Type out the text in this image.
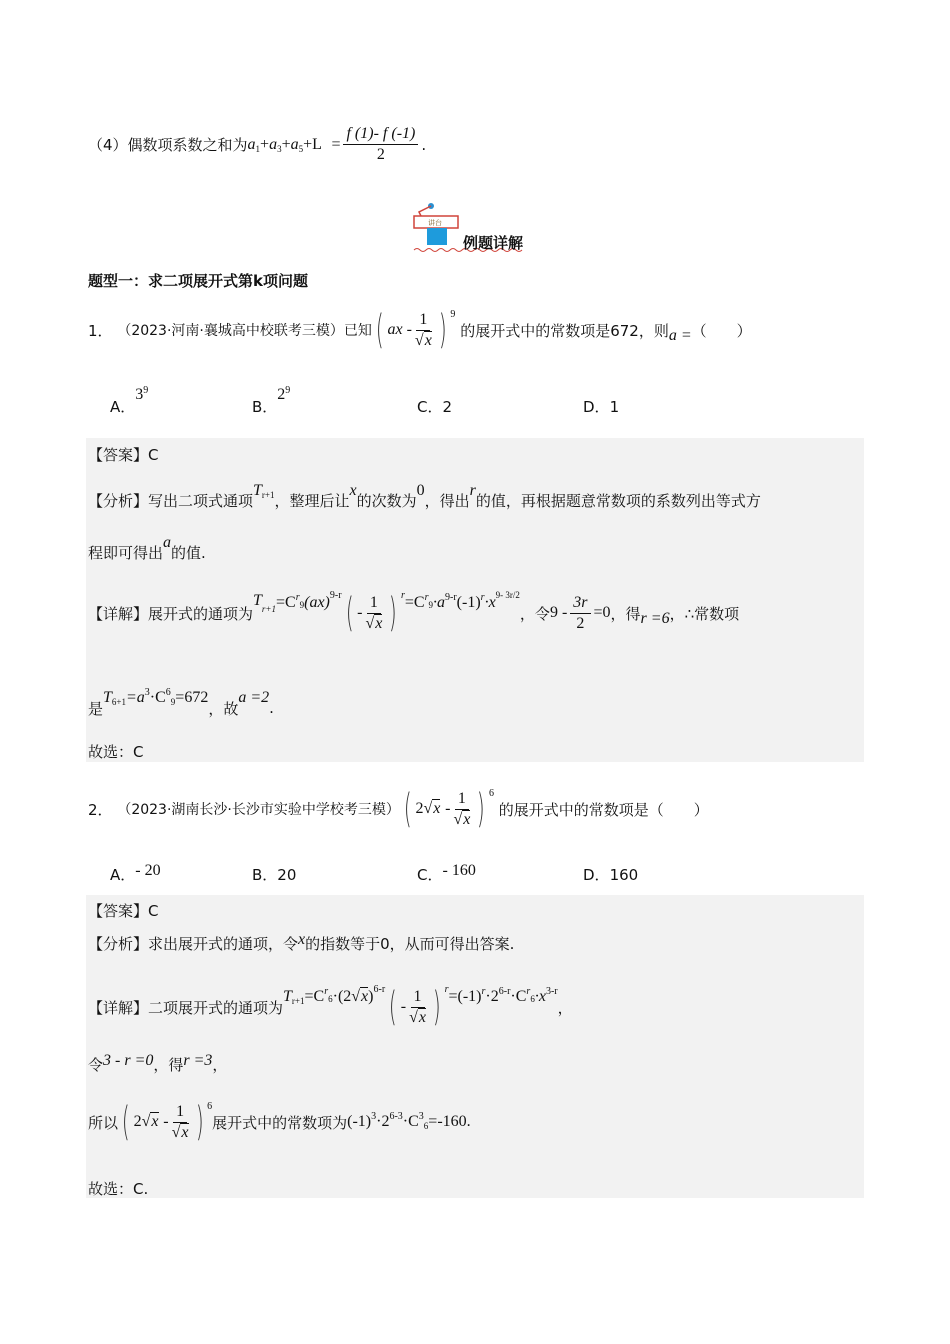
（4）偶数项系数之和为 a 1 + a 3 + a 5 +L
= $\frac{f (1)- f (-1)}{2}$ .
讲台
例题详解
题型一：求二项展开式第k项问题
1．
（2023·河南·襄城高中校联考三模）已知 ( ax - $\frac{1}{√x}$ ) 9

的展开式中的常数项是672，则 a = （　　）
A．
3 9
B．
2 9
C． 2	D． 1
【答案】C
【分析】写出二项式通项
T r+1 ，整理后让
x
的次数为
0
，得出
r
的值，再根据题意常数项的系数列出等式方
程即可得出
a
的值.
【详解】展开式的通项为
$T_{r+1} =C$ r
9 (ax) 9-r ( - $\frac{1}{√x}$ ) r =C r
9 ·a 9-r (-1) r ·x 9- 3r/2
，令 $9 - \frac{3r}{2} =0$ ，得 r =6 ，∴常数项
是
T 6+1 =a 3 ·C 6
9 =672
，故
a =2
.
故选：C
2．
（2023·湖南长沙·长沙市实验中学校考三模） ( 2 √x
- $\frac{1}{√x}$ ) 6

的展开式中的常数项是（　　）
A． - 20	B． 20	C． - 160	D． 160
【答案】C
【分析】求出展开式的通项，令 x 的指数等于0，从而可得出答案.
【详解】二项展开式的通项为
T r+1 =C r
6 ·(2 √x ) 6-r ( - $\frac{1}{√x}$ ) r =(-1) r ·2 6-r ·C r
6 ·x 3-r
，
令 3 - r =0 ，得 r =3 ，
所以 ( 2 √x
- $\frac{1}{√x}$ ) 6
展开式中的常数项为 (-1) 3 ·2 6-3 ·C 3
6 =-160.
故选：C.
